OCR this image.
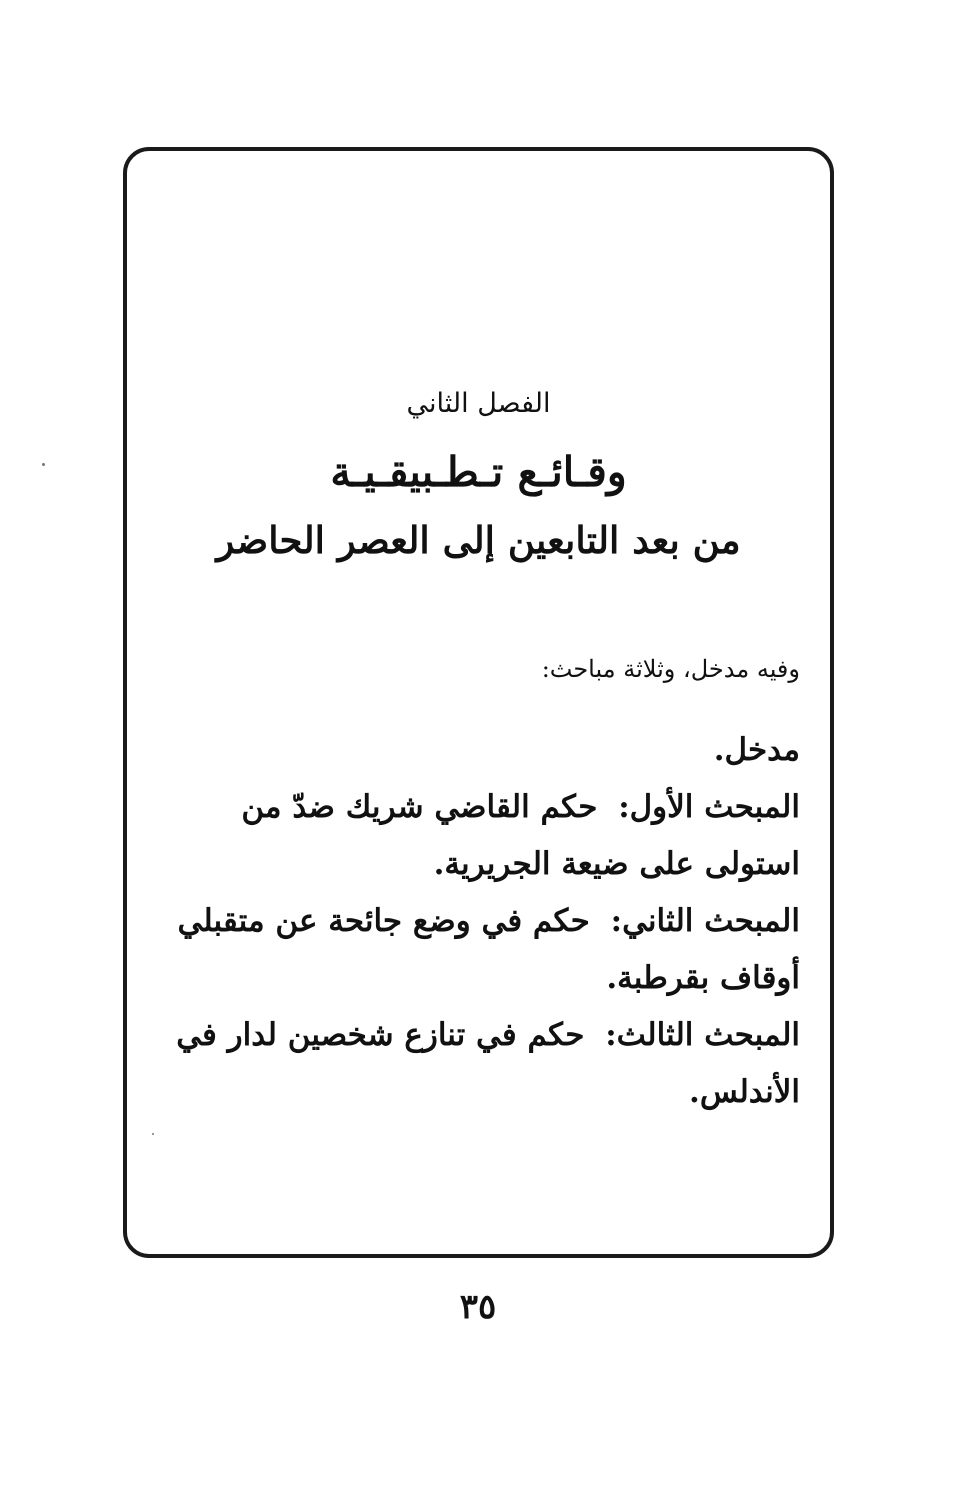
الفصل الثاني
وقـائـع تـطـبيقـيـة
من بعد التابعين إلى العصر الحاضر
وفيه مدخل، وثلاثة مباحث:

مدخل.

المبحث الأول: حكم القاضي شريك ضدّ من استولى على ضيعة الجريرية.

المبحث الثاني: حكم في وضع جائحة عن متقبلي أوقاف بقرطبة.

المبحث الثالث: حكم في تنازع شخصين لدار في الأندلس.

٣٥
